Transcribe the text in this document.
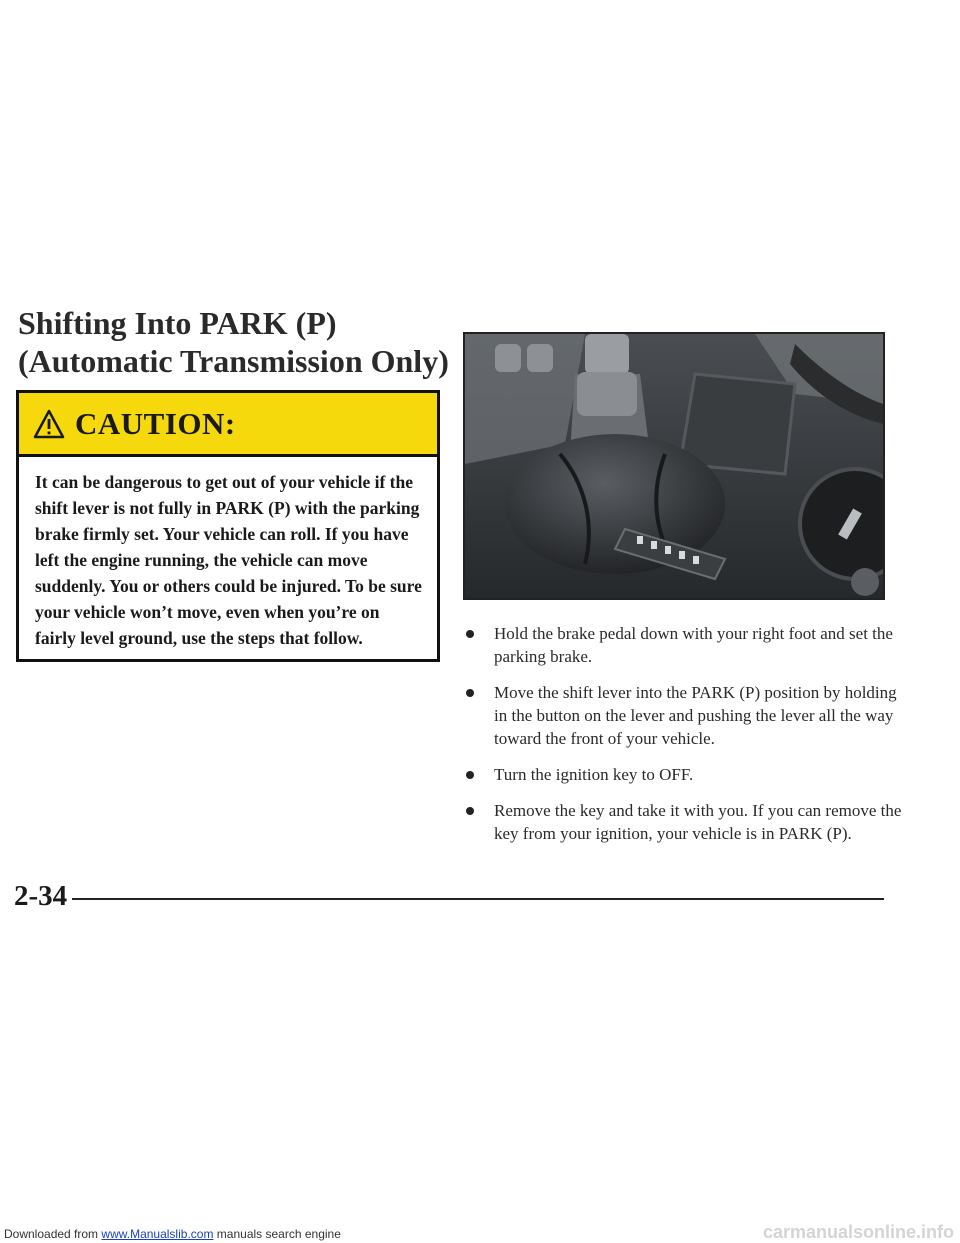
Shifting Into PARK (P)
(Automatic Transmission Only)
CAUTION:

It can be dangerous to get out of your vehicle if the shift lever is not fully in PARK (P) with the parking brake firmly set. Your vehicle can roll. If you have left the engine running, the vehicle can move suddenly. You or others could be injured. To be sure your vehicle won’t move, even when you’re on fairly level ground, use the steps that follow.	Hold the brake pedal down with your right foot and set the parking brake.
Move the shift lever into the PARK (P) position by holding in the button on the lever and pushing the lever all the way toward the front of your vehicle.
Turn the ignition key to OFF.
Remove the key and take it with you. If you can remove the key from your ignition, your vehicle is in PARK (P).
2-34
Downloaded from www.Manualslib.com manuals search engine	carmanualsonline.info
